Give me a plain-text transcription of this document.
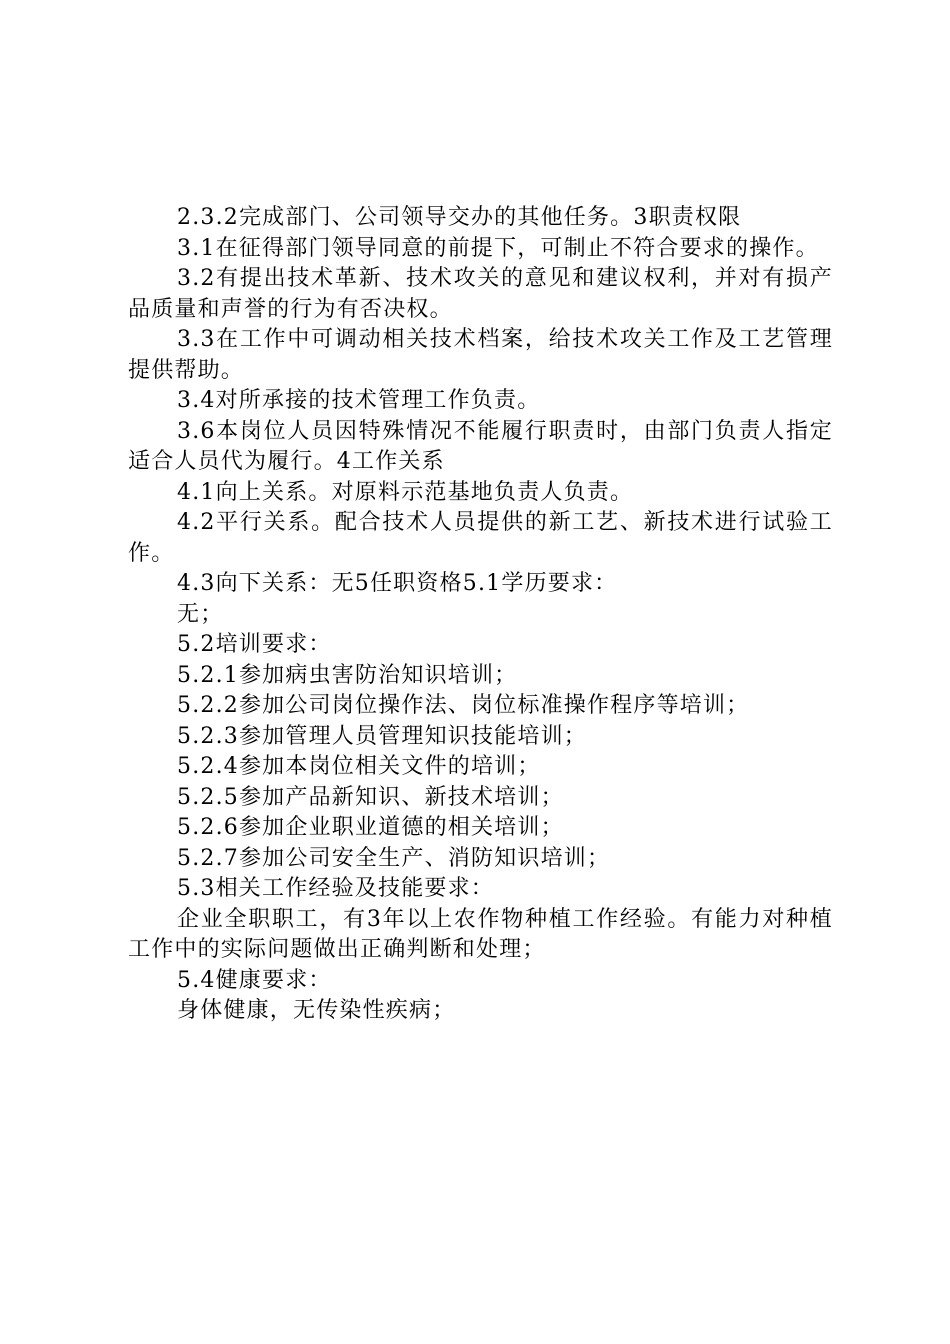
2.3.2完成部门、公司领导交办的其他任务。3职责权限

3.1在征得部门领导同意的前提下，可制止不符合要求的操作。

3.2有提出技术革新、技术攻关的意见和建议权利，并对有损产品质量和声誉的行为有否决权。

3.3在工作中可调动相关技术档案，给技术攻关工作及工艺管理提供帮助。

3.4对所承接的技术管理工作负责。

3.6本岗位人员因特殊情况不能履行职责时，由部门负责人指定适合人员代为履行。4工作关系

4.1向上关系。对原料示范基地负责人负责。

4.2平行关系。配合技术人员提供的新工艺、新技术进行试验工作。

4.3向下关系：无5任职资格5.1学历要求：

无；

5.2培训要求：

5.2.1参加病虫害防治知识培训；

5.2.2参加公司岗位操作法、岗位标准操作程序等培训；

5.2.3参加管理人员管理知识技能培训；

5.2.4参加本岗位相关文件的培训；

5.2.5参加产品新知识、新技术培训；

5.2.6参加企业职业道德的相关培训；

5.2.7参加公司安全生产、消防知识培训；

5.3相关工作经验及技能要求：

企业全职职工，有3年以上农作物种植工作经验。有能力对种植工作中的实际问题做出正确判断和处理；

5.4健康要求：

身体健康，无传染性疾病；
